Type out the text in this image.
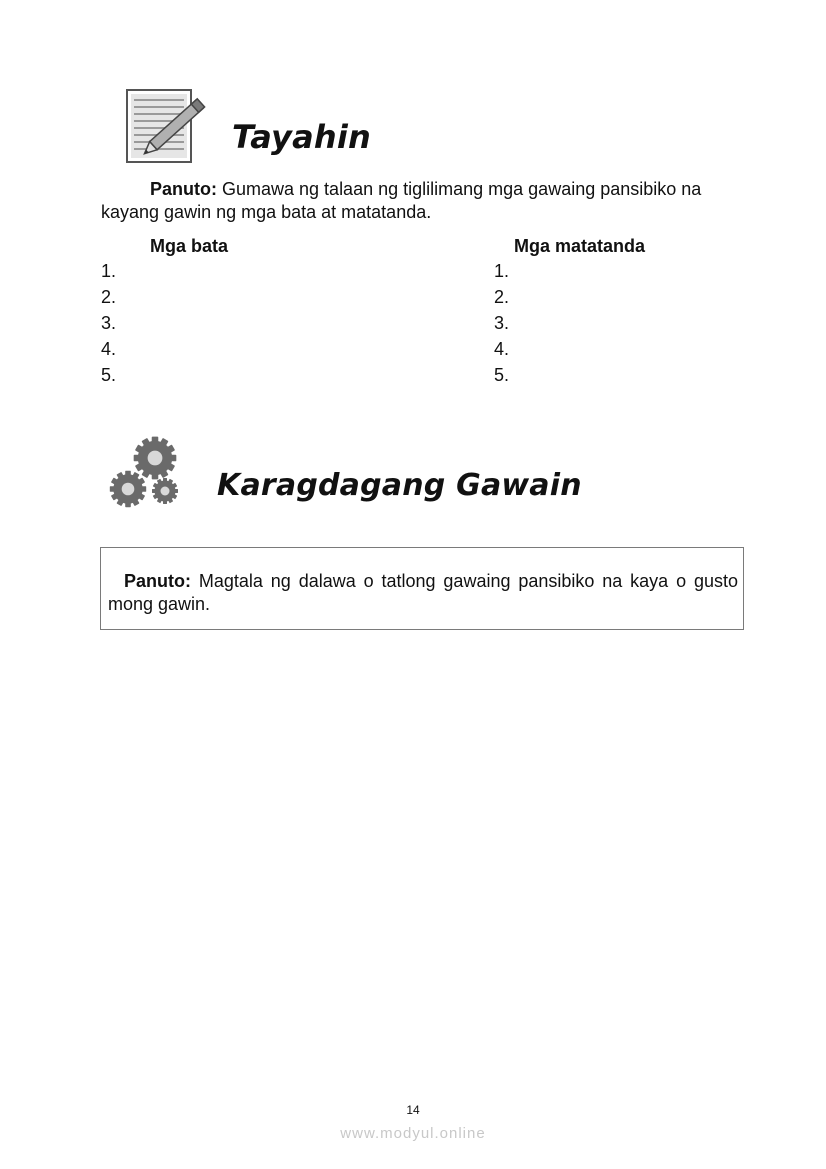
Tayahin
Panuto: Gumawa ng talaan ng tiglilimang mga gawaing pansibiko na kayang gawin ng mga bata at matatanda.
Mga bata	Mga matatanda
1.
2.
3.
4.
5.
1.
2.
3.
4.
5.
Karagdagang Gawain
Panuto: Magtala ng dalawa o tatlong gawaing pansibiko na kaya o gusto mong gawin.
14
www.modyul.online
